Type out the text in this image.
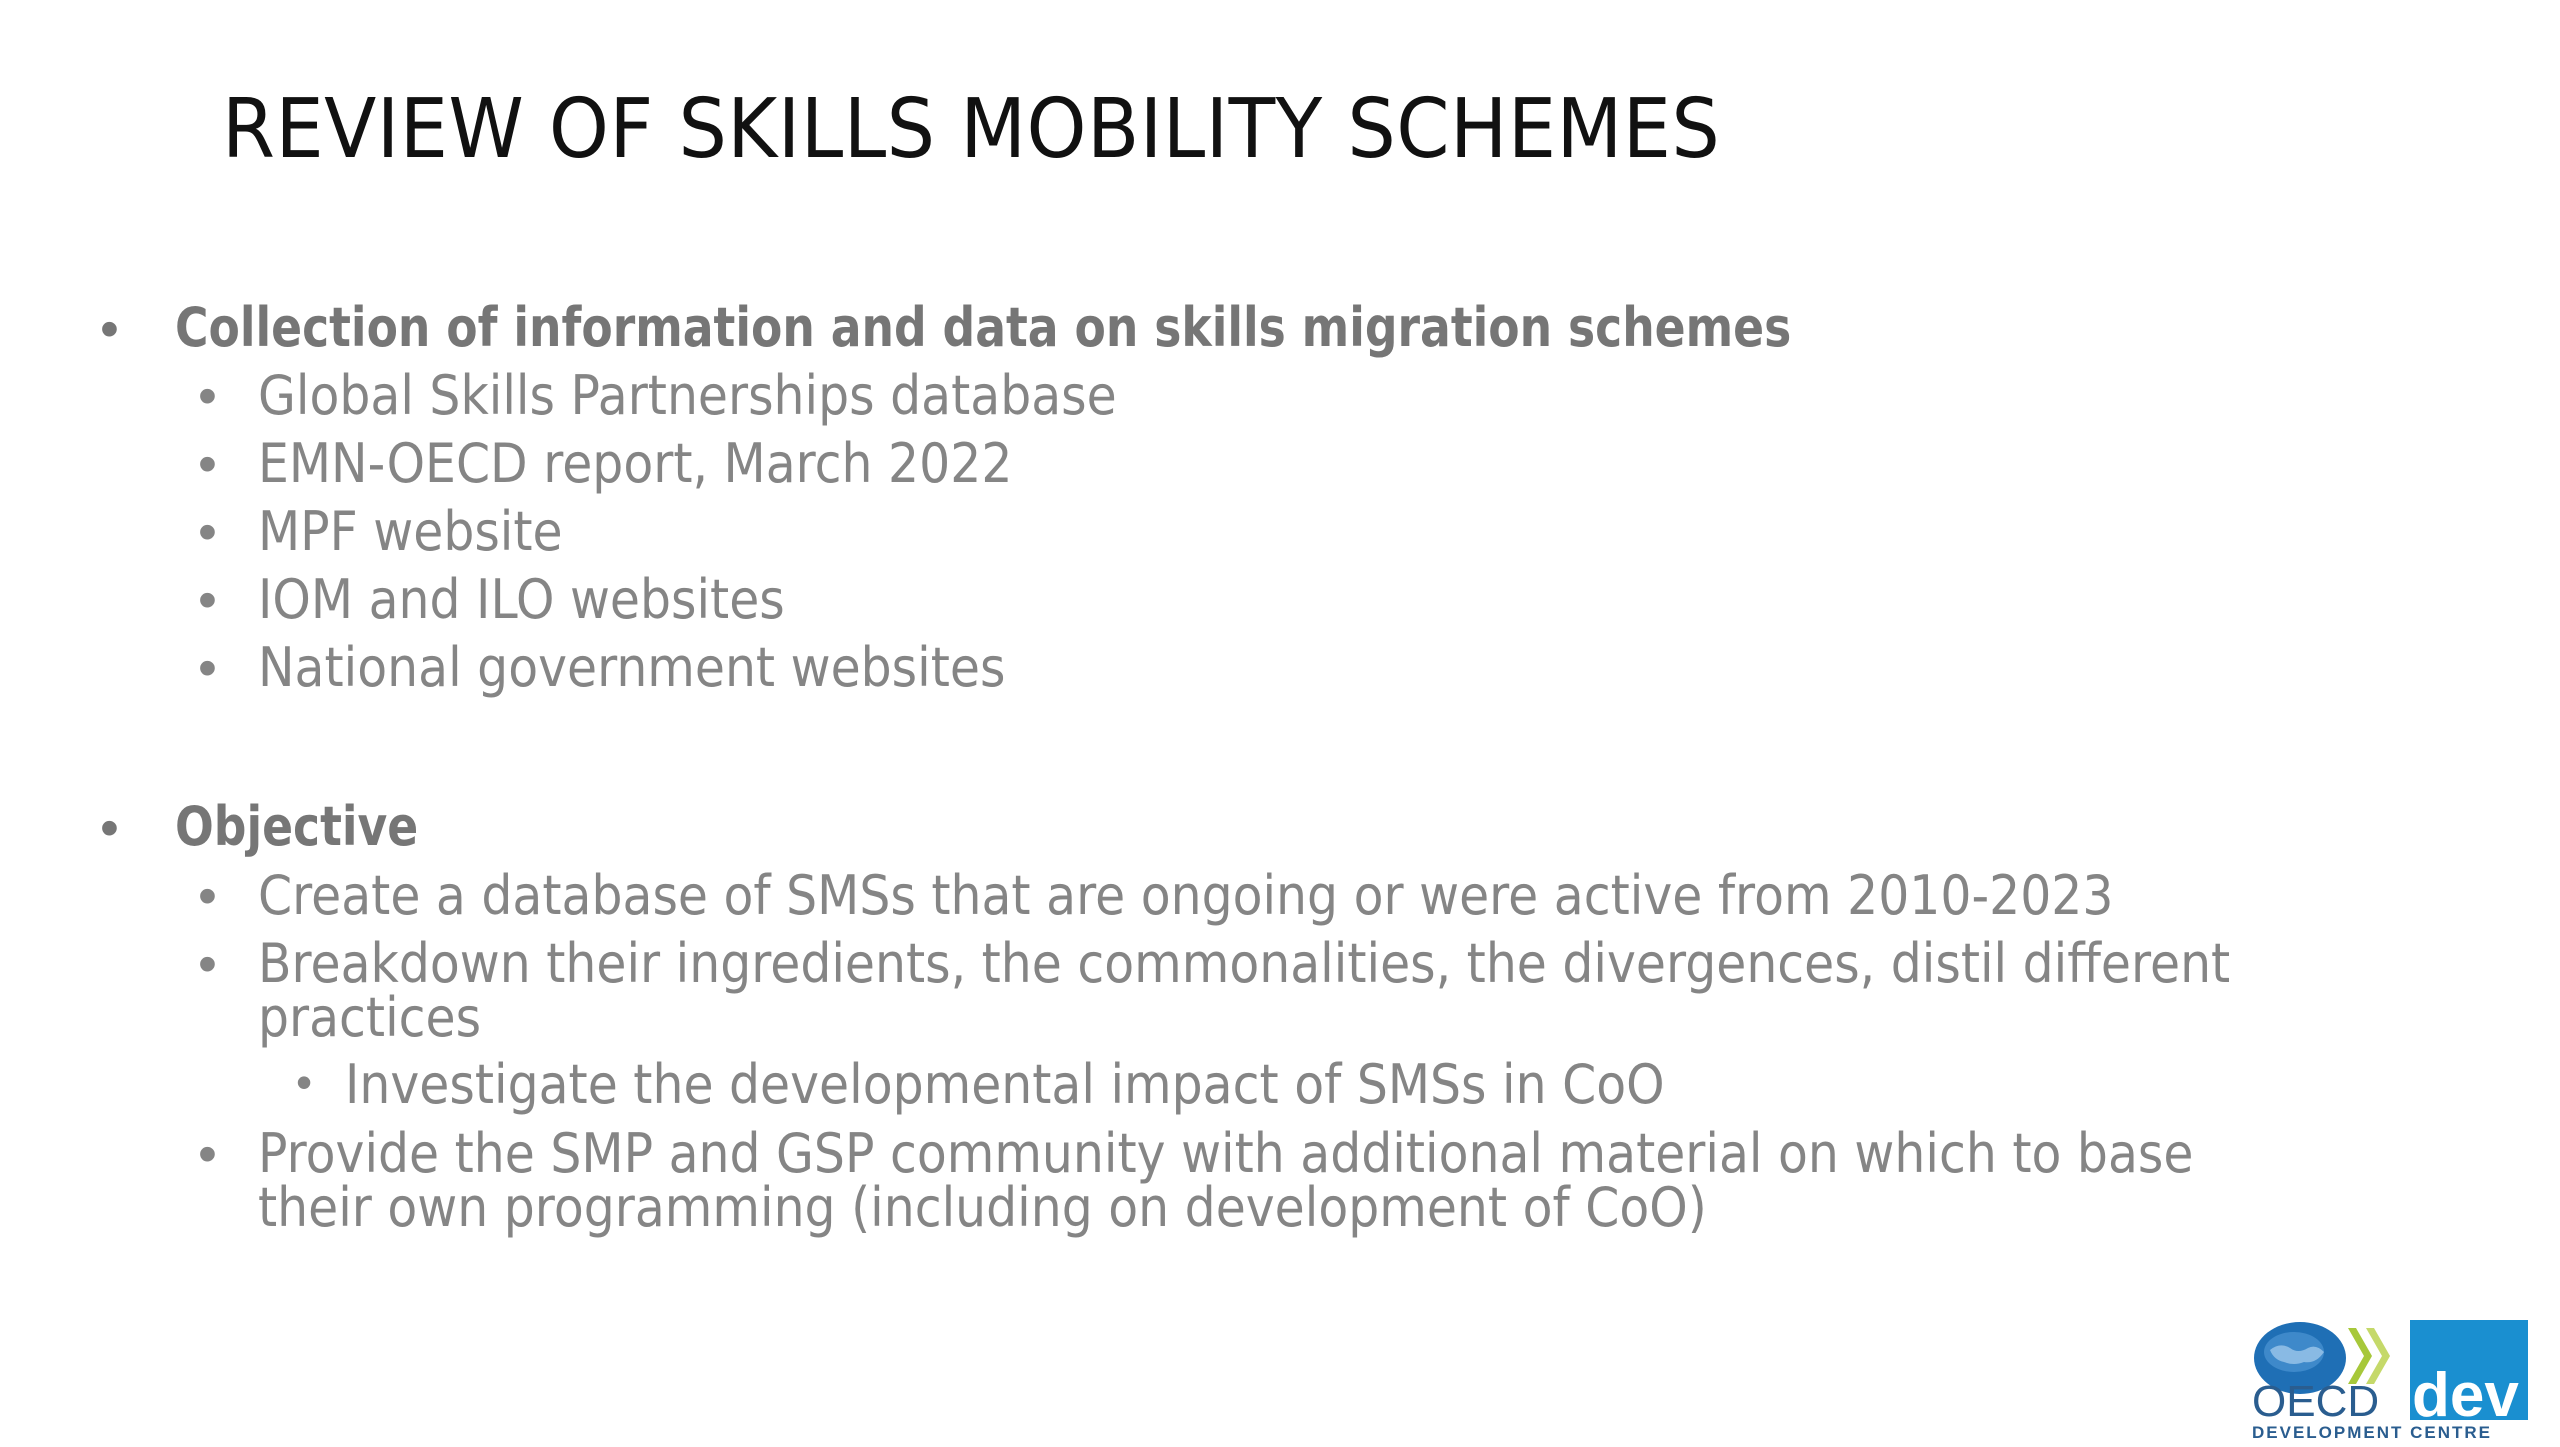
REVIEW OF SKILLS MOBILITY SCHEMES
• Collection of information and data on skills migration schemes
• Global Skills Partnerships database
• EMN-OECD report, March 2022
• MPF website
• IOM and ILO websites
• National government websites
• Objective
• Create a database of SMSs that are ongoing or were active from 2010-2023
• Breakdown their ingredients, the commonalities, the divergences, distil different
practices
• Investigate the developmental impact of SMSs in CoO
• Provide the SMP and GSP community with additional material on which to base
their own programming (including on development of CoO)
dev
OECD
DEVELOPMENT CENTRE
